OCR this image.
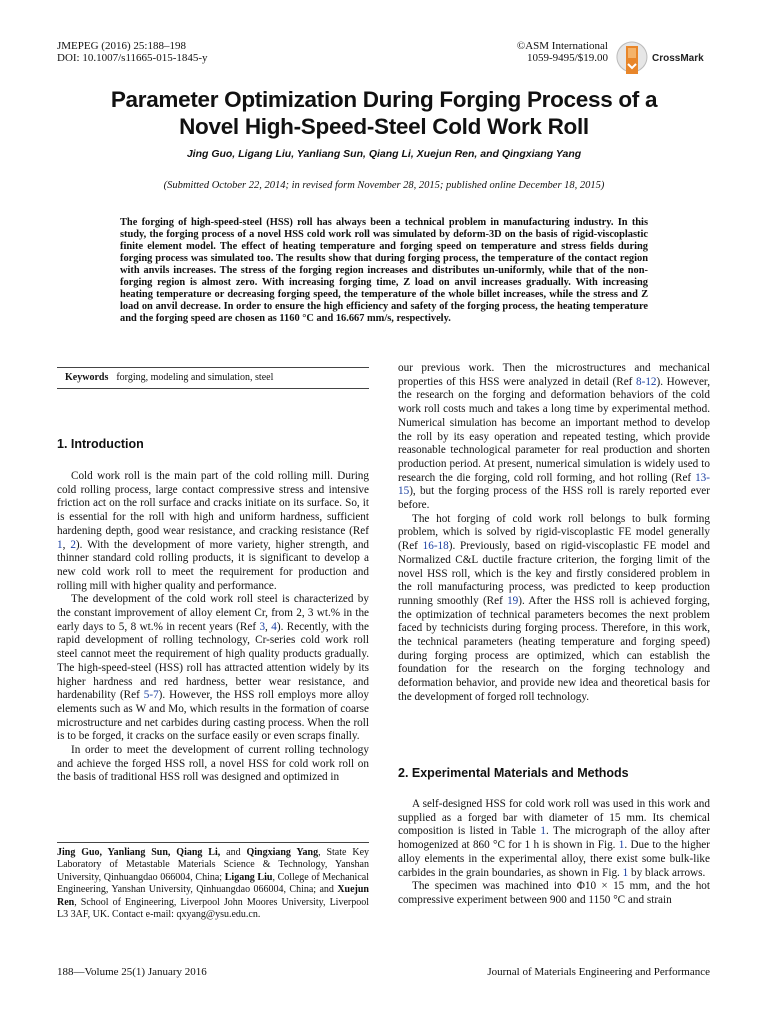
JMEPEG (2016) 25:188–198
DOI: 10.1007/s11665-015-1845-y
©ASM International
1059-9495/$19.00	CrossMark
Parameter Optimization During Forging Process of a
Novel High-Speed-Steel Cold Work Roll
Jing Guo, Ligang Liu, Yanliang Sun, Qiang Li, Xuejun Ren, and Qingxiang Yang
(Submitted October 22, 2014; in revised form November 28, 2015; published online December 18, 2015)
The forging of high-speed-steel (HSS) roll has always been a technical problem in manufacturing industry. In this study, the forging process of a novel HSS cold work roll was simulated by deform-3D on the basis of rigid-viscoplastic finite element model. The effect of heating temperature and forging speed on temperature and stress fields during forging process was simulated too. The results show that during forging process, the temperature of the contact region with anvils increases. The stress of the forging region increases and distributes un-uniformly, while that of the non-forging region is almost zero. With increasing forging time, Z load on anvil increases gradually. With increasing heating temperature or decreasing forging speed, the temperature of the whole billet increases, while the stress and Z load on anvil decrease. In order to ensure the high efficiency and safety of the forging process, the heating temperature and the forging speed are chosen as 1160 °C and 16.667 mm/s, respectively.
Keywords forging, modeling and simulation, steel
1. Introduction

Cold work roll is the main part of the cold rolling mill. During cold rolling process, large contact compressive stress and intensive friction act on the roll surface and cracks initiate on its surface. So, it is essential for the roll with high and uniform hardness, sufficient hardening depth, good wear resistance, and cracking resistance (Ref 1, 2). With the development of more variety, higher strength, and thinner standard cold rolling products, it is significant to develop a new cold work roll to meet the requirement for production and rolling mill with higher quality and performance.

The development of the cold work roll steel is characterized by the constant improvement of alloy element Cr, from 2, 3 wt.% in the early days to 5, 8 wt.% in recent years (Ref 3, 4). Recently, with the rapid development of rolling technology, Cr-series cold work roll steel cannot meet the requirement of high quality products gradually. The high-speed-steel (HSS) roll has attracted attention widely by its higher hardness and red hardness, better wear resistance, and hardenability (Ref 5-7). However, the HSS roll employs more alloy elements such as W and Mo, which results in the formation of coarse microstructure and net carbides during casting process. When the roll is to be forged, it cracks on the surface easily or even scraps finally.

In order to meet the development of current rolling technology and achieve the forged HSS roll, a novel HSS for cold work roll on the basis of traditional HSS roll was designed and optimized in

Jing Guo, Yanliang Sun, Qiang Li, and Qingxiang Yang, State Key Laboratory of Metastable Materials Science & Technology, Yanshan University, Qinhuangdao 066004, China; Ligang Liu, College of Mechanical Engineering, Yanshan University, Qinhuangdao 066004, China; and Xuejun Ren, School of Engineering, Liverpool John Moores University, Liverpool L3 3AF, UK. Contact e-mail: qxyang@ysu.edu.cn.

our previous work. Then the microstructures and mechanical properties of this HSS were analyzed in detail (Ref 8-12). However, the research on the forging and deformation behaviors of the cold work roll costs much and takes a long time by experimental method. Numerical simulation has become an important method to develop the roll by its easy operation and repeated testing, which provide reasonable technological parameter for real production and shorten production period. At present, numerical simulation is widely used to research the die forging, cold roll forming, and hot rolling (Ref 13-15), but the forging process of the HSS roll is rarely reported ever before.

The hot forging of cold work roll belongs to bulk forming problem, which is solved by rigid-viscoplastic FE model generally (Ref 16-18). Previously, based on rigid-viscoplastic FE model and Normalized C&L ductile fracture criterion, the forging limit of the novel HSS roll, which is the key and firstly considered problem in the roll manufacturing process, was predicted to keep production running smoothly (Ref 19). After the HSS roll is achieved forging, the optimization of technical parameters becomes the next problem faced by technicists during forging process. Therefore, in this work, the technical parameters (heating temperature and forging speed) during forging process are optimized, which can establish the foundation for the research on the forging technology and deformation behavior, and provide new idea and theoretical basis for the development of forged roll technology.

2. Experimental Materials and Methods

A self-designed HSS for cold work roll was used in this work and supplied as a forged bar with diameter of 15 mm. Its chemical composition is listed in Table 1. The micrograph of the alloy after homogenized at 860 °C for 1 h is shown in Fig. 1. Due to the higher alloy elements in the experimental alloy, there exist some bulk-like carbides in the grain boundaries, as shown in Fig. 1 by black arrows.

The specimen was machined into Φ10 × 15 mm, and the hot compressive experiment between 900 and 1150 °C and strain

188—Volume 25(1) January 2016	Journal of Materials Engineering and Performance
